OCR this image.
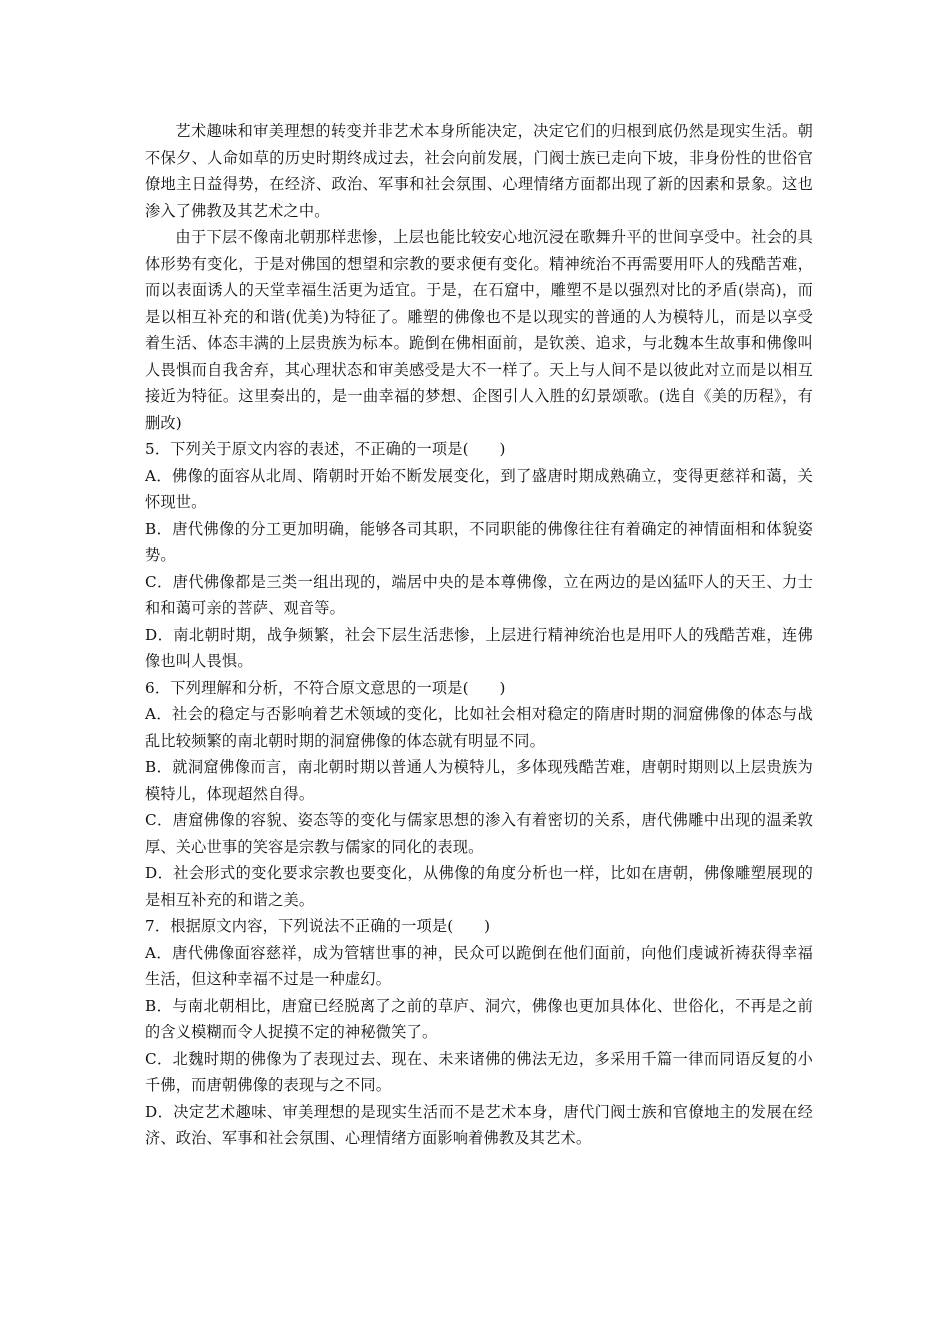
艺术趣味和审美理想的转变并非艺术本身所能决定，决定它们的归根到底仍然是现实生活。朝不保夕、人命如草的历史时期终成过去，社会向前发展，门阀士族已走向下坡，非身份性的世俗官僚地主日益得势，在经济、政治、军事和社会氛围、心理情绪方面都出现了新的因素和景象。这也渗入了佛教及其艺术之中。

由于下层不像南北朝那样悲惨，上层也能比较安心地沉浸在歌舞升平的世间享受中。社会的具体形势有变化，于是对佛国的想望和宗教的要求便有变化。精神统治不再需要用吓人的残酷苦难，而以表面诱人的天堂幸福生活更为适宜。于是，在石窟中，雕塑不是以强烈对比的矛盾(崇高)，而是以相互补充的和谐(优美)为特征了。雕塑的佛像也不是以现实的普通的人为模特儿，而是以享受着生活、体态丰满的上层贵族为标本。跪倒在佛相面前，是钦羡、追求，与北魏本生故事和佛像叫人畏惧而自我舍弃，其心理状态和审美感受是大不一样了。天上与人间不是以彼此对立而是以相互接近为特征。这里奏出的，是一曲幸福的梦想、企图引人入胜的幻景颂歌。(选自《美的历程》，有删改)

5．下列关于原文内容的表述，不正确的一项是(　　)

A．佛像的面容从北周、隋朝时开始不断发展变化，到了盛唐时期成熟确立，变得更慈祥和蔼，关怀现世。

B．唐代佛像的分工更加明确，能够各司其职，不同职能的佛像往往有着确定的神情面相和体貌姿势。

C．唐代佛像都是三类一组出现的，端居中央的是本尊佛像，立在两边的是凶猛吓人的天王、力士和和蔼可亲的菩萨、观音等。

D．南北朝时期，战争频繁，社会下层生活悲惨，上层进行精神统治也是用吓人的残酷苦难，连佛像也叫人畏惧。

6．下列理解和分析，不符合原文意思的一项是(　　)

A．社会的稳定与否影响着艺术领域的变化，比如社会相对稳定的隋唐时期的洞窟佛像的体态与战乱比较频繁的南北朝时期的洞窟佛像的体态就有明显不同。

B．就洞窟佛像而言，南北朝时期以普通人为模特儿，多体现残酷苦难，唐朝时期则以上层贵族为模特儿，体现超然自得。

C．唐窟佛像的容貌、姿态等的变化与儒家思想的渗入有着密切的关系，唐代佛雕中出现的温柔敦厚、关心世事的笑容是宗教与儒家的同化的表现。

D．社会形式的变化要求宗教也要变化，从佛像的角度分析也一样，比如在唐朝，佛像雕塑展现的是相互补充的和谐之美。

7．根据原文内容，下列说法不正确的一项是(　　)

A．唐代佛像面容慈祥，成为管辖世事的神，民众可以跪倒在他们面前，向他们虔诚祈祷获得幸福生活，但这种幸福不过是一种虚幻。

B．与南北朝相比，唐窟已经脱离了之前的草庐、洞穴，佛像也更加具体化、世俗化，不再是之前的含义模糊而令人捉摸不定的神秘微笑了。

C．北魏时期的佛像为了表现过去、现在、未来诸佛的佛法无边，多采用千篇一律而同语反复的小千佛，而唐朝佛像的表现与之不同。

D．决定艺术趣味、审美理想的是现实生活而不是艺术本身，唐代门阀士族和官僚地主的发展在经济、政治、军事和社会氛围、心理情绪方面影响着佛教及其艺术。
